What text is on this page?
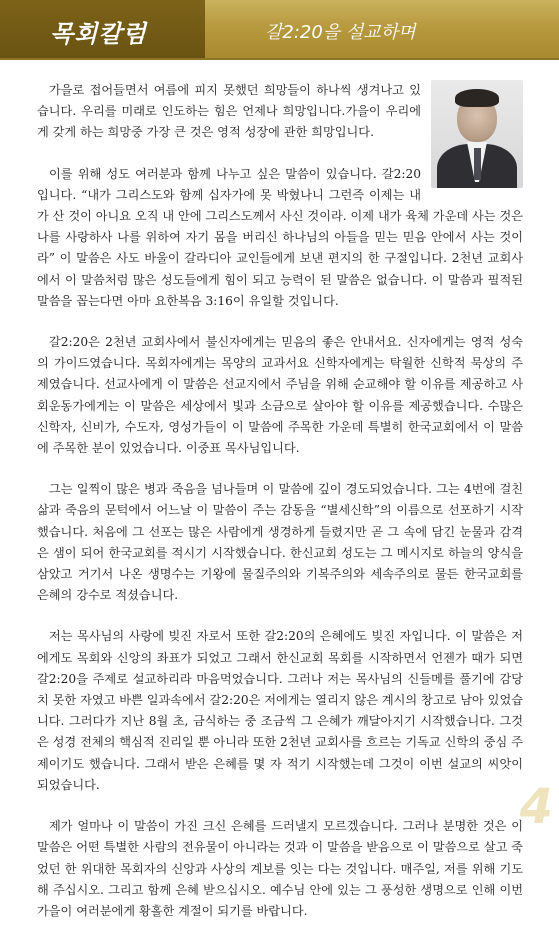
목회칼럼	갈2:20을 설교하며

가을로 접어들면서 여름에 피지 못했던 희망들이 하나씩 생겨나고 있습니다. 우리를 미래로 인도하는 힘은 언제나 희망입니다.가을이 우리에게 갖게 하는 희망중 가장 큰 것은 영적 성장에 관한 희망입니다.

이를 위해 성도 여러분과 함께 나누고 싶은 말씀이 있습니다. 갈2:20입니다. “내가 그리스도와 함께 십자가에 못 박혔나니 그런즉 이제는 내가 산 것이 아니요 오직 내 안에 그리스도께서 사신 것이라. 이제 내가 육체 가운데 사는 것은 나를 사랑하사 나를 위하여 자기 몸을 버리신 하나님의 아들을 믿는 믿음 안에서 사는 것이라” 이 말씀은 사도 바울이 갈라디아 교인들에게 보낸 편지의 한 구절입니다. 2천년 교회사에서 이 말씀처럼 많은 성도들에게 힘이 되고 능력이 된 말씀은 없습니다. 이 말씀과 필적된 말씀을 꼽는다면 아마 요한복음 3:16이 유일할 것입니다.

갈2:20은 2천년 교회사에서 불신자에게는 믿음의 좋은 안내서요. 신자에게는 영적 성숙의 가이드였습니다. 목회자에게는 목양의 교과서요 신학자에게는 탁월한 신학적 묵상의 주제였습니다. 선교사에게 이 말씀은 선교지에서 주님을 위해 순교해야 할 이유를 제공하고 사회운동가에게는 이 말씀은 세상에서 빛과 소금으로 살아야 할 이유를 제공했습니다. 수많은 신학자, 신비가, 수도자, 영성가들이 이 말씀에 주목한 가운데 특별히 한국교회에서 이 말씀에 주목한 분이 있었습니다. 이중표 목사님입니다.

그는 일찍이 많은 병과 죽음을 넘나들며 이 말씀에 깊이 경도되었습니다. 그는 4번에 걸친 삶과 죽음의 문턱에서 어느날 이 말씀이 주는 감동을 “별세신학”의 이름으로 선포하기 시작했습니다. 처음에 그 선포는 많은 사람에게 생경하게 들렸지만 곧 그 속에 담긴 눈물과 감격은 샘이 되어 한국교회를 적시기 시작했습니다. 한신교회 성도는 그 메시지로 하늘의 양식을 삼았고 거기서 나온 생명수는 기왕에 물질주의와 기복주의와 세속주의로 물든 한국교회를 은혜의 강수로 적셨습니다.

저는 목사님의 사랑에 빚진 자로서 또한 갈2:20의 은혜에도 빚진 자입니다. 이 말씀은 저에게도 목회와 신앙의 좌표가 되었고 그래서 한신교회 목회를 시작하면서 언젠가 때가 되면 갈2:20을 주제로 설교하리라 마음먹었습니다. 그러나 저는 목사님의 신들메를 풀기에 감당치 못한 자였고 바쁜 일과속에서 갈2:20은 저에게는 열리지 않은 계시의 창고로 남아 있었습니다. 그러다가 지난 8월 초, 금식하는 중 조금씩 그 은혜가 깨달아지기 시작했습니다. 그것은 성경 전체의 핵심적 진리일 뿐 아니라 또한 2천년 교회사를 흐르는 기독교 신학의 중심 주제이기도 했습니다. 그래서 받은 은혜를 몇 자 적기 시작했는데 그것이 이번 설교의 씨앗이 되었습니다.

제가 얼마나 이 말씀이 가진 크신 은혜를 드러낼지 모르겠습니다. 그러나 분명한 것은 이 말씀은 어떤 특별한 사람의 전유물이 아니라는 것과 이 말씀을 받음으로 이 말씀으로 살고 죽었던 한 위대한 목회자의 신앙과 사상의 계보를 잇는 다는 것입니다. 매주일, 저를 위해 기도해 주십시오. 그리고 함께 은혜 받으십시오. 예수님 안에 있는 그 풍성한 생명으로 인해 이번 가을이 여러분에게 황홀한 계절이 되기를 바랍니다.

4
